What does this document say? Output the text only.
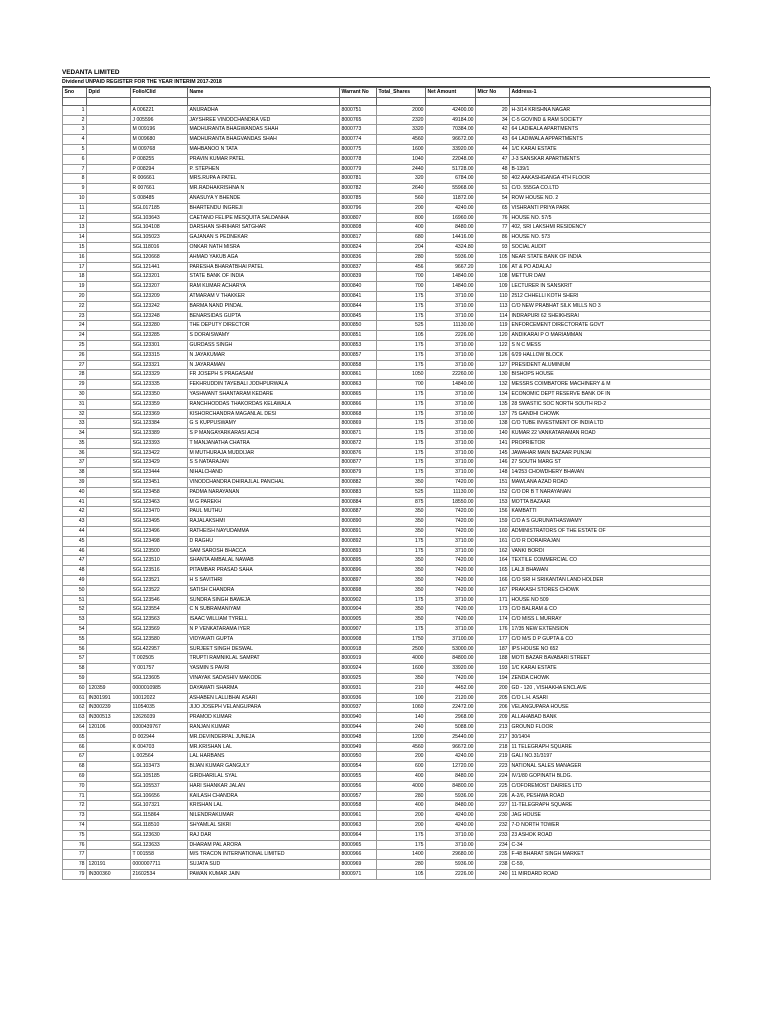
VEDANTA LIMITED
Dividend UNPAID REGISTER FOR THE YEAR INTERIM 2017-2018
Sno	Dpid	Folio/Clid	Name	Warrant No	Total_Shares	Net Amount	Micr No	Address-1

1		A 006221	ANURADHA	8000751	2000	42400.00	20	H-3/14 KRISHNA NAGAR
2		J 005596	JAYSHREE VINODCHANDRA VED	8000765	2320	49184.00	34	C-5 GOVIND & RAM SOCIETY
3		M 009196	MADHURANTA BHAGWANDAS SHAH	8000773	3320	70384.00	42	64 LADIEALA APARTMENTS
4		M 009680	MADHURANTA BHAGVANDAS SHAH	8000774	4560	96672.00	43	64 LADIWALA APPARTMENTS
5		M 009768	MAHBANOO N TATA	8000775	1600	33920.00	44	1/C KARAI ESTATE
6		P 008255	PRAVIN KUMAR PATEL	8000778	1040	22048.00	47	J-3 SANSKAR APARTMENTS
7		P 008294	P. STEPHEN	8000779	2440	51728.00	48	B-139/1
8		R 006661	MRS.RUPA A PATEL	8000781	320	6784.00	50	402 AAKASHGANGA 4TH FLOOR
9		R 007661	MR.RADHAKRISHNA N	8000782	2640	55968.00	51	C/O. 555GA CO.LTD
10		S 008485	ANASUYA Y BHENDE	8000785	560	11872.00	54	ROW HOUSE NO. 2
11		SGL017185	BHARTENDU INGREJI	8000796	200	4240.00	65	VISHRANTI PRIYA PARK
12		SGL103643	CAETANO FELIPE MESQUITA SALDANHA	8000807	800	16960.00	76	HOUSE NO. 57/5
13		SGL104108	DARSHAN SHRIHARI SATGHAR	8000808	400	8480.00	77	402, SRI LAKSHMI RESIDENCY
14		SGL105023	GAJANAN S PEDNEKAR	8000817	680	14416.00	86	HOUSE NO. 573
15		SGL118016	ONKAR NATH MISRA	8000824	204	4324.80	93	SOCIAL AUDIT
16		SGL120668	AHMAD YAKUB AGA	8000836	280	5936.00	105	NEAR STATE BANK OF INDIA
17		SGL121441	PARESHA BHARATBHAI PATEL	8000837	456	9667.20	106	AT & PO ADALAJ
18		SGL123201	STATE BANK OF INDIA	8000839	700	14840.00	108	METTUR DAM
19		SGL123207	RAM KUMAR ACHARYA	8000840	700	14840.00	109	LECTURER IN SANSKRIT
20		SGL123209	ATMARAM V THAKKER	8000841	175	3710.00	110	2512 CHHELLI KOTH SHERI
22		SGL123242	BARMA NAND PINDAL	8000844	175	3710.00	113	C/O NEW PRABHAT SILK MILLS NO 3
23		SGL123248	BENARSIDAS GUPTA	8000845	175	3710.00	114	INDRAPURI 62 SHEIKHSRAI
24		SGL123280	THE DEPUTY DIRECTOR	8000850	525	11130.00	119	ENFORCEMENT DIRECTORATE GOVT
24		SGL123285	S DORAISWAMY	8000851	105	2226.00	120	ANDIKARAI P O MARIAMMAN
25		SGL123301	GURDASS SINGH	8000853	175	3710.00	122	S N C MESS
26		SGL123315	N JAYAKUMAR	8000857	175	3710.00	126	6/29 HALLOW BLOCK
27		SGL123321	N JAYARAMAN	8000858	175	3710.00	127	PRESIDENT ALUMINIUM
28		SGL123329	FR JOSEPH S PRAGASAM	8000861	1050	22260.00	130	BISHOPS HOUSE
29		SGL123335	FEKHRUDDIN TAYEBALI JODHPURWALA	8000863	700	14840.00	132	MESSRS COIMBATORE MACHINERY & M
30		SGL123350	YASHWANT SHANTARAM KEDARE	8000865	175	3710.00	134	ECONOMIC DEPT RESERVE BANK OF IN
31		SGL123359	RANCHHODDAS THAKORDAS KELAWALA	8000866	175	3710.00	135	28 SWASTIC SOC NORTH SOUTH RD-2
32		SGL123369	KISHORCHANDRA MAGANLAL DESI	8000868	175	3710.00	137	75 GANDHI CHOWK
33		SGL123384	G S KUPPUSWAMY	8000869	175	3710.00	138	C/O TUBE INVESTMENT OF INDIA LTD
34		SGL123389	S P MANGAYARKARASI ACHI	8000871	175	3710.00	140	KUMAR 22 VANKATARAMAN ROAD
35		SGL123393	T MANJANATHA CHATRA	8000872	175	3710.00	141	PROPRIETOR
36		SGL123422	M MUTHURAJA MUDDIJAR	8000876	175	3710.00	145	JAWAHAR MAIN BAZAAR PUNJAI
37		SGL123429	S S NATARAJAN	8000877	175	3710.00	146	27 SOUTH MARG ST
38		SGL123444	NIHALCHAND	8000879	175	3710.00	148	14/253 CHOWDHERY BHAVAN
39		SGL123451	VINODCHANDRA DHIRAJLAL PANCHAL	8000882	350	7420.00	151	MAWLANA AZAD ROAD
40		SGL123458	PADMA NARAYANAN	8000883	525	11130.00	152	C/O DR B T NARAYANAN
41		SGL123463	M G PAREKH	8000884	875	18550.00	153	MOTTA BAZAAR
42		SGL123470	PAUL MUTHU	8000887	350	7420.00	156	KAMBATTI
43		SGL123495	RAJALAKSHMI	8000890	350	7420.00	159	C/O A S GURUNATHASWAMY
44		SGL123496	RATHEISH NAYUDAMMA	8000891	350	7420.00	160	ADMINISTRATORS OF THE ESTATE OF
45		SGL123498	D RAGHU	8000892	175	3710.00	161	C/O R DORAIRAJAN
46		SGL123500	SAM SAROSH BHACCA	8000893	175	3710.00	162	VANKI BORDI
47		SGL123510	SHANTA AMBALAL NAWAB	8000895	350	7420.00	164	TEXTILE COMMERCIAL CO
48		SGL123516	PITAMBAR PRASAD SAHA	8000896	350	7420.00	165	LALJI BHAWAN
49		SGL123521	H S SAVITHRI	8000897	350	7420.00	166	C/O SRI H SRIKANTAN LAND HOLDER
50		SGL123522	SATISH CHANDRA	8000898	350	7420.00	167	PRAKASH STORES CHOWK
51		SGL123546	SUNDRA SINGH BAWEJA	8000902	175	3710.00	171	HOUSE NO 509
52		SGL123554	C N SUBRAMANIYAM	8000904	350	7420.00	173	C/O BALRAM & CO
53		SGL123563	ISAAC WILLIAM TYRELL	8000905	350	7420.00	174	C/O MISS L MURRAY
54		SGL123569	N P VENKATARAMA IYER	8000907	175	3710.00	176	17/35 NEW EXTENSION
55		SGL123580	VIDYAVATI GUPTA	8000908	1750	37100.00	177	C/O M/S D P GUPTA & CO
56		SGL422957	SURJEET SINGH DESWAL	8000918	2500	53000.00	187	IPS HOUSE NO 652
57		T 002505	TRUPTI RAMNIKLAL SAMPAT	8000919	4000	84800.00	188	MOTI BAZAR BAVABARI STREET
58		Y 001757	YASMIN S PAVRI	8000924	1600	33920.00	193	1/C KARAI ESTATE
59		SGL123605	VINAYAK SADASHIV MAKODE	8000925	350	7420.00	194	ZENDA CHOWK
60	120359	0000010985	DAYAWATI SHARMA	8000931	210	4452.00	200	GD - 120 , VISHAKHA ENCLAVE
61	IN301991	10012022	ASHABEN LALLIBHAI ASARI	8000936	100	2120.00	205	C/O L.H. ASARI
62	IN300239	11054035	JIJO JOSEPH VELANGUPARA	8000937	1060	22472.00	206	VELANGUPARA HOUSE
63	IN300513	12626039	PRAMOD KUMAR	8000940	140	2968.00	209	ALLAHABAD BANK
64	120106	0000439767	RANJAN KUMAR	8000944	240	5088.00	213	GROUND FLOOR
65		D 002944	MR.DEVINDERPAL JUNEJA	8000948	1200	25440.00	217	30/1404
66		K 004703	MR.KRISHAN LAL	8000949	4560	96672.00	218	11 TELEGRAPH SQUARE
67		L 002564	LAL HARBANS	8000950	200	4240.00	219	GALI NO.31/3197
68		SGL103473	BIJAN KUMAR GANGULY	8000954	600	12720.00	223	NATIONAL SALES MANAGER
69		SGL105185	GIRDHARILAL SYAL	8000955	400	8480.00	224	IV/1/80 GOPINATH BLDG.
70		SGL105537	HARI SHANKAR JALAN	8000956	4000	84800.00	225	C/OFOREMOST DAIRIES LTD
71		SGL106656	KAILASH CHANDRA	8000957	280	5936.00	226	A-2/6, PESHWA ROAD
72		SGL107321	KRISHAN LAL	8000958	400	8480.00	227	11-TELEGRAPH SQUARE
73		SGL115864	NILENDRAKUMAR	8000961	200	4240.00	230	JAG HOUSE
74		SGL118510	SHYAMLAL SIKRI	8000963	200	4240.00	232	7-D NORTH TOWER
75		SGL123630	RAJ DAR	8000964	175	3710.00	233	23 ASHOK ROAD
76		SGL123633	DHARAM PAL ARORA	8000965	175	3710.00	234	C-34
77		T 001558	M/S TRACON INTERNATIONAL LIMITED	8000966	1400	29680.00	235	F-48 BHARAT SINGH MARKET
78	120191	0000007711	SUJATA SUD	8000969	280	5936.00	238	C-59,
79	IN300360	21602534	PAWAN KUMAR JAIN	8000971	105	2226.00	240	11 MIRDARD ROAD
